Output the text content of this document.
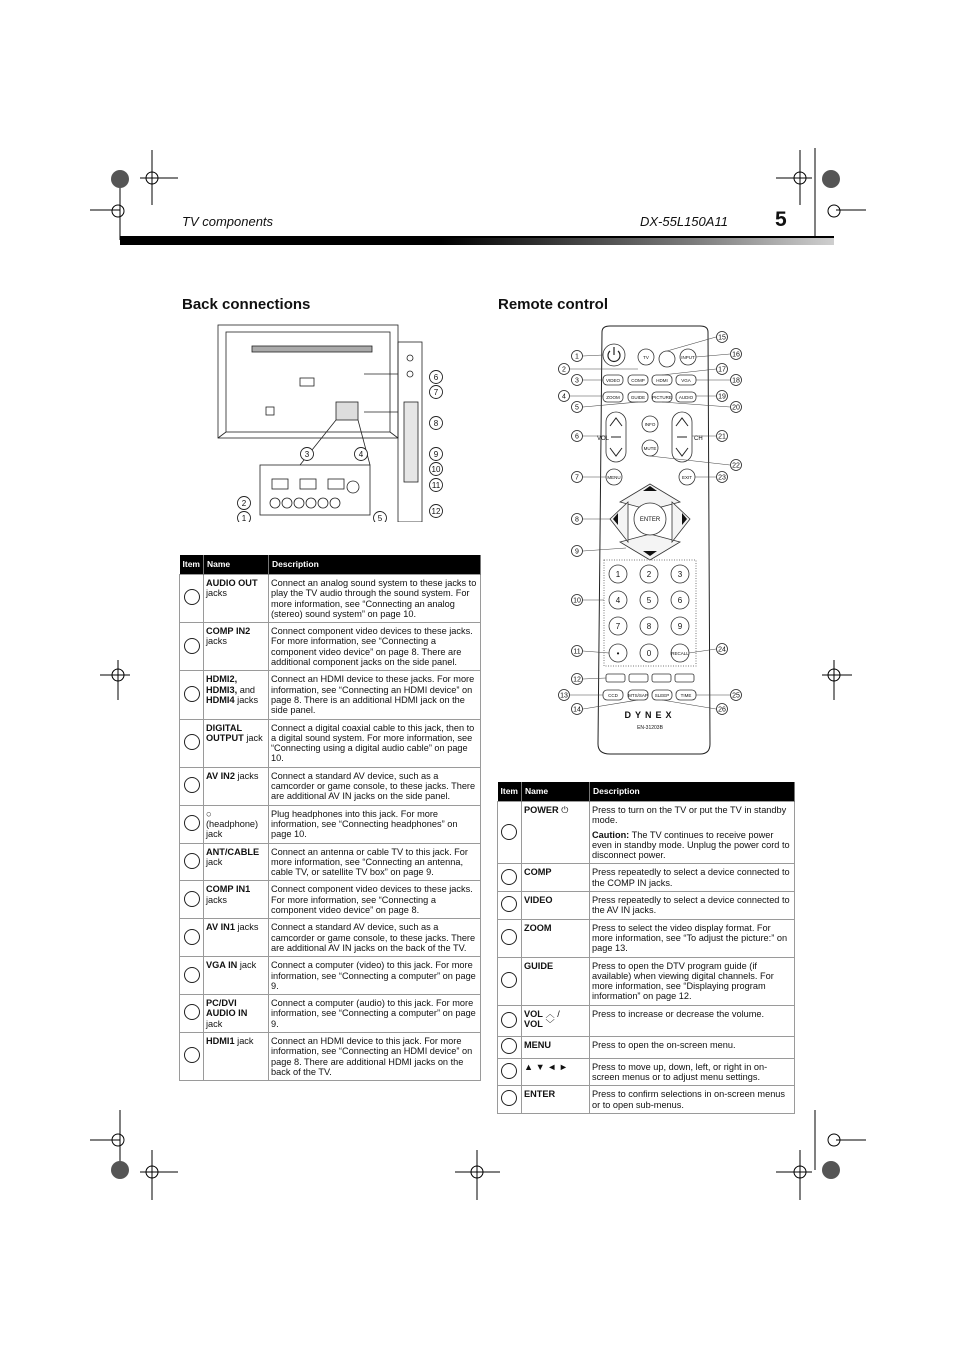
TV components	DX-55L150A11 5
Back connections	Remote control
1
2
3	4
5
6
7
8
9
10
11
12
Item	Name	Description
	AUDIO OUT jacks	Connect an analog sound system to these jacks to play the TV audio through the sound system. For more information, see “Connecting an analog (stereo) sound system” on page 10.
	COMP IN2 jacks	Connect component video devices to these jacks. For more information, see “Connecting a component video device” on page 8. There are additional component jacks on the side panel.
	HDMI2,
HDMI3, and
HDMI4 jacks	Connect an HDMI device to these jacks. For more information, see “Connecting an HDMI device” on page 8. There is an additional HDMI jack on the side panel.
	DIGITAL OUTPUT jack	Connect a digital coaxial cable to this jack, then to a digital sound system. For more information, see “Connecting using a digital audio cable” on page 10.
	AV IN2 jacks	Connect a standard AV device, such as a camcorder or game console, to these jacks. There are additional AV IN jacks on the side panel.
	○
(headphone)
jack	Plug headphones into this jack. For more information, see “Connecting headphones” on page 10.
	ANT/CABLE
jack	Connect an antenna or cable TV to this jack. For more information, see “Connecting an antenna, cable TV, or satellite TV box” on page 9.
	COMP IN1
jacks	Connect component video devices to these jacks. For more information, see “Connecting a component video device” on page 8.
	AV IN1 jacks	Connect a standard AV device, such as a camcorder or game console, to these jacks. There are additional AV IN jacks on the back of the TV.
	VGA IN jack	Connect a computer (video) to this jack. For more information, see “Connecting a computer” on page 9.
	PC/DVI AUDIO IN
jack	Connect a computer (audio) to this jack. For more information, see “Connecting a computer” on page 9.
	HDMI1 jack	Connect an HDMI device to this jack. For more information, see “Connecting an HDMI device” on page 8. There are additional HDMI jacks on the back of the TV.
TV	INPUT
VIDEO COMP	HDMI	VGA
ZOOM GUIDE PICTURE AUDIO
INFO
MUTE
MENU	EXIT
RECALL
CCD MTS/SAP SLEEP	TIME
VOL	CH
ENTER
1	2	3
4	5	6
7	8	9
•	0
DYNEX
EN-31203B
1
2
3
4
5
6
7
8
9
10
11
12
13
14
15
16
17
18
19
20
21
22
23
24
25
26
Item	Name	Description
	POWER ⏻	Press to turn on the TV or put the TV in standby mode.
Caution: The TV continues to receive power even in standby mode. Unplug the power cord to disconnect power.

	COMP	Press repeatedly to select a device connected to the COMP IN jacks.
	VIDEO	Press repeatedly to select a device connected to the AV IN jacks.
	ZOOM	Press to select the video display format. For more information, see “To adjust the picture:” on page 13.
	GUIDE	Press to open the DTV program guide (if available) when viewing digital channels. For more information, see “Displaying program information” on page 12.
	VOL ︿ /
VOL ﹀	Press to increase or decrease the volume.
	MENU	Press to open the on-screen menu.
	▲ ▼ ◄ ►	Press to move up, down, left, or right in on-screen menus or to adjust menu settings.
	ENTER	Press to confirm selections in on-screen menus or to open sub-menus.
